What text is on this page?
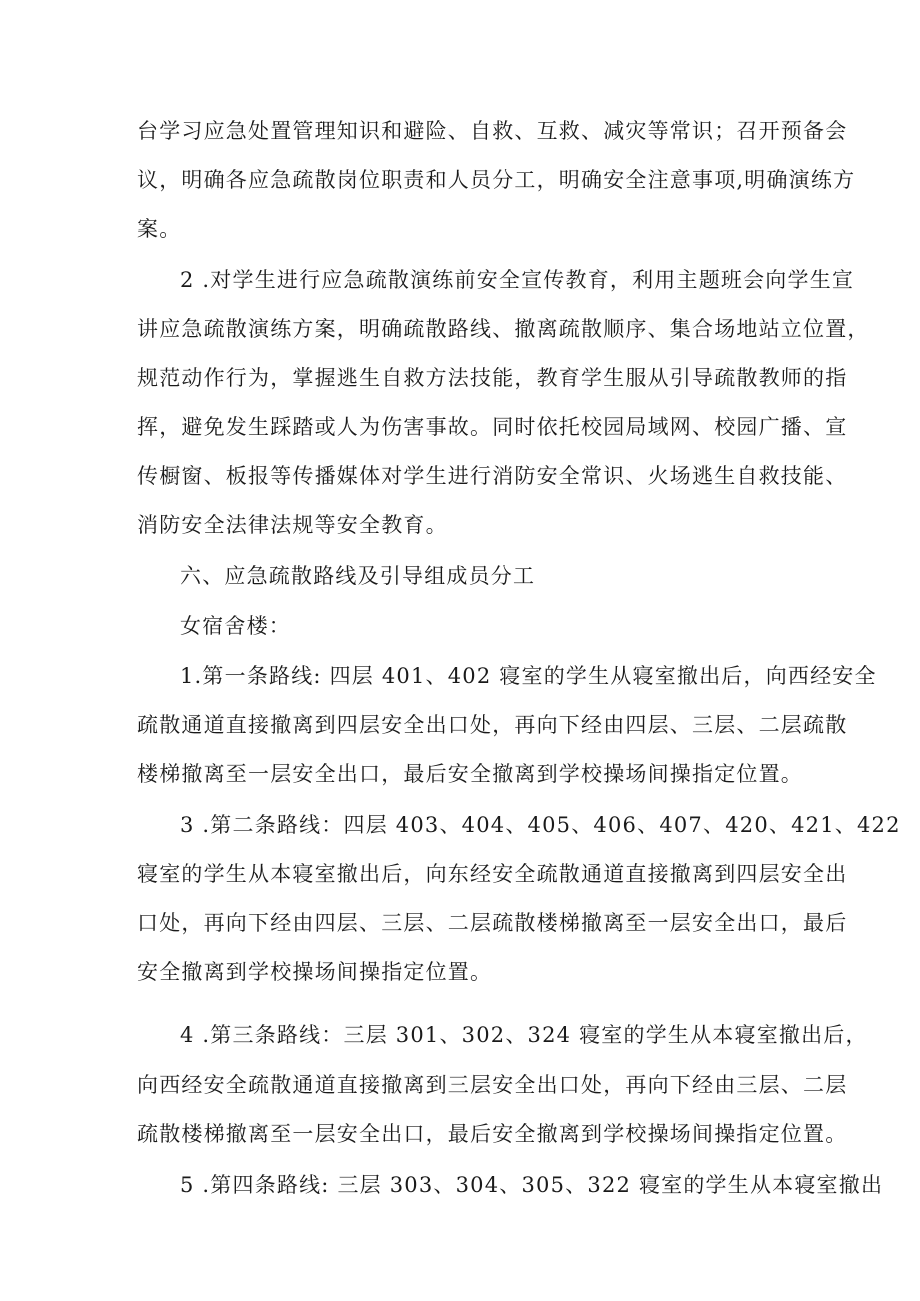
台学习应急处置管理知识和避险、自救、互救、减灾等常识；召开预备会
议，明确各应急疏散岗位职责和人员分工，明确安全注意事项,明确演练方
案。
2 .对学生进行应急疏散演练前安全宣传教育，利用主题班会向学生宣
讲应急疏散演练方案，明确疏散路线、撤离疏散顺序、集合场地站立位置，
规范动作行为，掌握逃生自救方法技能，教育学生服从引导疏散教师的指
挥，避免发生踩踏或人为伤害事故。同时依托校园局域网、校园广播、宣
传橱窗、板报等传播媒体对学生进行消防安全常识、火场逃生自救技能、
消防安全法律法规等安全教育。
六、应急疏散路线及引导组成员分工
女宿舍楼：
1.第一条路线: 四层 401、402 寝室的学生从寝室撤出后，向西经安全
疏散通道直接撤离到四层安全出口处，再向下经由四层、三层、二层疏散
楼梯撤离至一层安全出口，最后安全撤离到学校操场间操指定位置。
3 .第二条路线：四层 403、404、405、406、407、420、421、422
寝室的学生从本寝室撤出后，向东经安全疏散通道直接撤离到四层安全出
口处，再向下经由四层、三层、二层疏散楼梯撤离至一层安全出口，最后
安全撤离到学校操场间操指定位置。
4 .第三条路线：三层 301、302、324 寝室的学生从本寝室撤出后，
向西经安全疏散通道直接撤离到三层安全出口处，再向下经由三层、二层
疏散楼梯撤离至一层安全出口，最后安全撤离到学校操场间操指定位置。
5 .第四条路线: 三层 303、304、305、322 寝室的学生从本寝室撤出
